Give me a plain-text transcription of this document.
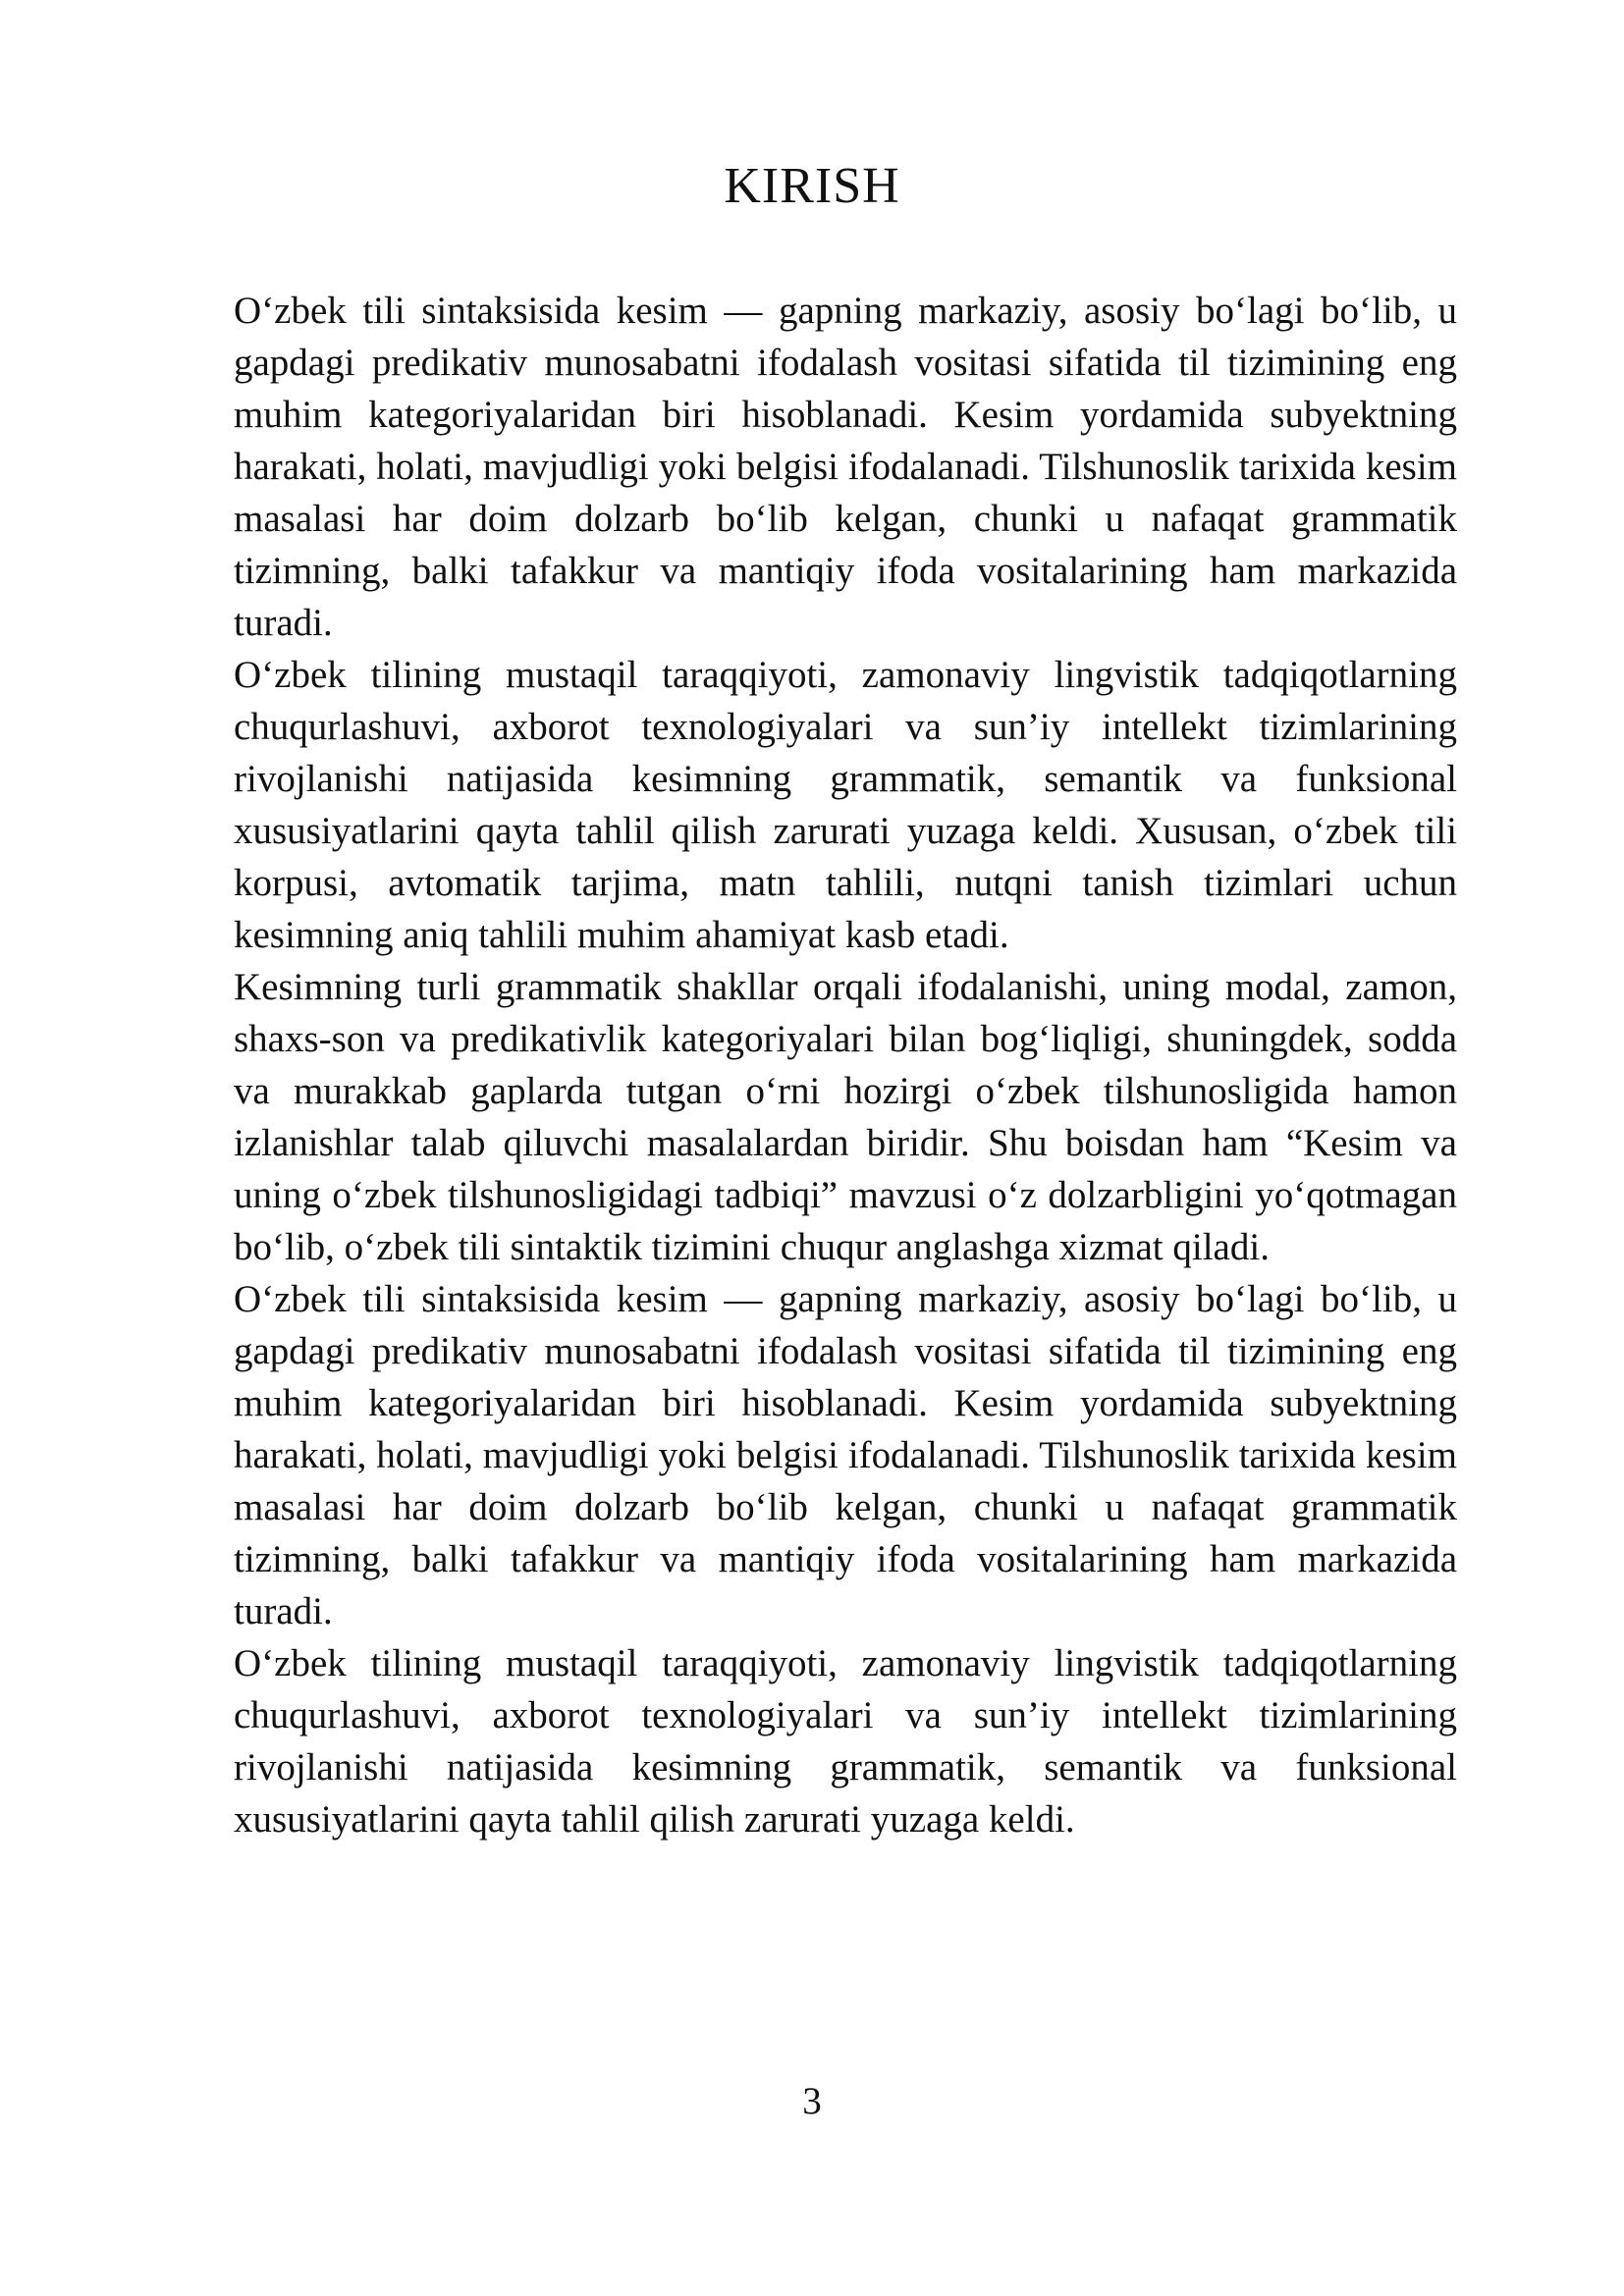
KIRISH

O‘zbek tili sintaksisida kesim — gapning markaziy, asosiy bo‘lagi bo‘lib, u gapdagi predikativ munosabatni ifodalash vositasi sifatida til tizimining eng muhim kategoriyalaridan biri hisoblanadi. Kesim yordamida subyektning harakati, holati, mavjudligi yoki belgisi ifodalanadi. Tilshunoslik tarixida kesim masalasi har doim dolzarb bo‘lib kelgan, chunki u nafaqat grammatik tizimning, balki tafakkur va mantiqiy ifoda vositalarining ham markazida turadi.

O‘zbek tilining mustaqil taraqqiyoti, zamonaviy lingvistik tadqiqotlarning chuqurlashuvi, axborot texnologiyalari va sun’iy intellekt tizimlarining rivojlanishi natijasida kesimning grammatik, semantik va funksional xususiyatlarini qayta tahlil qilish zarurati yuzaga keldi. Xususan, o‘zbek tili korpusi, avtomatik tarjima, matn tahlili, nutqni tanish tizimlari uchun kesimning aniq tahlili muhim ahamiyat kasb etadi.

Kesimning turli grammatik shakllar orqali ifodalanishi, uning modal, zamon, shaxs-son va predikativlik kategoriyalari bilan bog‘liqligi, shuningdek, sodda va murakkab gaplarda tutgan o‘rni hozirgi o‘zbek tilshunosligida hamon izlanishlar talab qiluvchi masalalardan biridir. Shu boisdan ham “Kesim va uning o‘zbek tilshunosligidagi tadbiqi” mavzusi o‘z dolzarbligini yo‘qotmagan bo‘lib, o‘zbek tili sintaktik tizimini chuqur anglashga xizmat qiladi.

O‘zbek tili sintaksisida kesim — gapning markaziy, asosiy bo‘lagi bo‘lib, u gapdagi predikativ munosabatni ifodalash vositasi sifatida til tizimining eng muhim kategoriyalaridan biri hisoblanadi. Kesim yordamida subyektning harakati, holati, mavjudligi yoki belgisi ifodalanadi. Tilshunoslik tarixida kesim masalasi har doim dolzarb bo‘lib kelgan, chunki u nafaqat grammatik tizimning, balki tafakkur va mantiqiy ifoda vositalarining ham markazida turadi.

O‘zbek tilining mustaqil taraqqiyoti, zamonaviy lingvistik tadqiqotlarning chuqurlashuvi, axborot texnologiyalari va sun’iy intellekt tizimlarining rivojlanishi natijasida kesimning grammatik, semantik va funksional xususiyatlarini qayta tahlil qilish zarurati yuzaga keldi.

3
